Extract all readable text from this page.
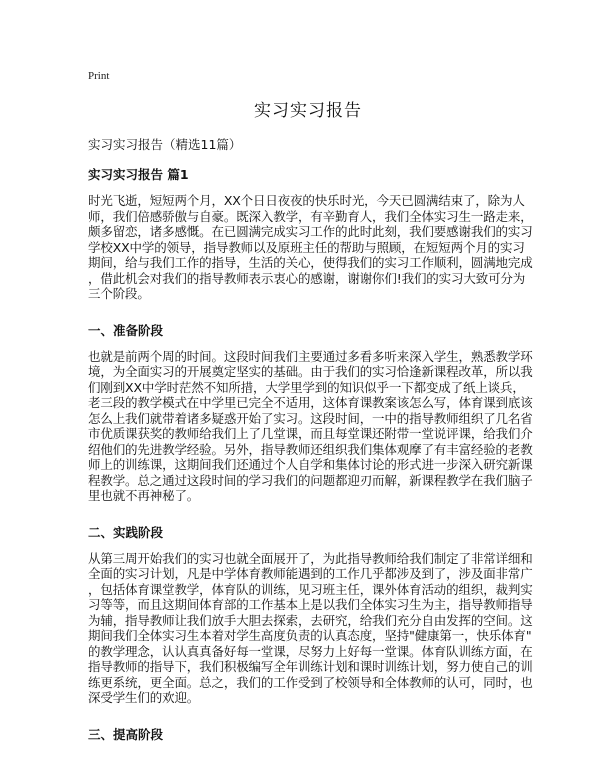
Print
实习实习报告
实习实习报告（精选11篇）
实习实习报告 篇1
时光飞逝，短短两个月，XX个日日夜夜的快乐时光，今天已圆满结束了，除为人
师，我们倍感骄傲与自豪。既深入教学，有辛勤育人，我们全体实习生一路走来，
颇多留恋，诸多感慨。在已圆满完成实习工作的此时此刻，我们要感谢我们的实习
学校XX中学的领导，指导教师以及原班主任的帮助与照顾，在短短两个月的实习
期间，给与我们工作的指导，生活的关心，使得我们的实习工作顺利，圆满地完成
，借此机会对我们的指导教师表示衷心的感谢，谢谢你们!我们的实习大致可分为
三个阶段。
一、准备阶段
也就是前两个周的时间。这段时间我们主要通过多看多听来深入学生，熟悉教学环
境，为全面实习的开展奠定坚实的基础。由于我们的实习恰逢新课程改革，所以我
们刚到XX中学时茫然不知所措，大学里学到的知识似乎一下都变成了纸上谈兵，
老三段的教学模式在中学里已完全不适用，这体育课教案该怎么写，体育课到底该
怎么上我们就带着诸多疑惑开始了实习。这段时间，一中的指导教师组织了几名省
市优质课获奖的教师给我们上了几堂课，而且每堂课还附带一堂说评课，给我们介
绍他们的先进教学经验。另外，指导教师还组织我们集体观摩了有丰富经验的老教
师上的训练课，这期间我们还通过个人自学和集体讨论的形式进一步深入研究新课
程教学。总之通过这段时间的学习我们的问题都迎刃而解，新课程教学在我们脑子
里也就不再神秘了。
二、实践阶段
从第三周开始我们的实习也就全面展开了，为此指导教师给我们制定了非常详细和
全面的实习计划，凡是中学体育教师能遇到的工作几乎都涉及到了，涉及面非常广
，包括体育课堂教学，体育队的训练，见习班主任，课外体育活动的组织，裁判实
习等等，而且这期间体育部的工作基本上是以我们全体实习生为主，指导教师指导
为辅，指导教师让我们放手大胆去探索，去研究，给我们充分自由发挥的空间。这
期间我们全体实习生本着对学生高度负责的认真态度，坚持"健康第一，快乐体育"
的教学理念，认认真真备好每一堂课，尽努力上好每一堂课。体育队训练方面，在
指导教师的指导下，我们积极编写全年训练计划和课时训练计划，努力使自己的训
练更系统，更全面。总之，我们的工作受到了校领导和全体教师的认可，同时，也
深受学生们的欢迎。
三、提高阶段
